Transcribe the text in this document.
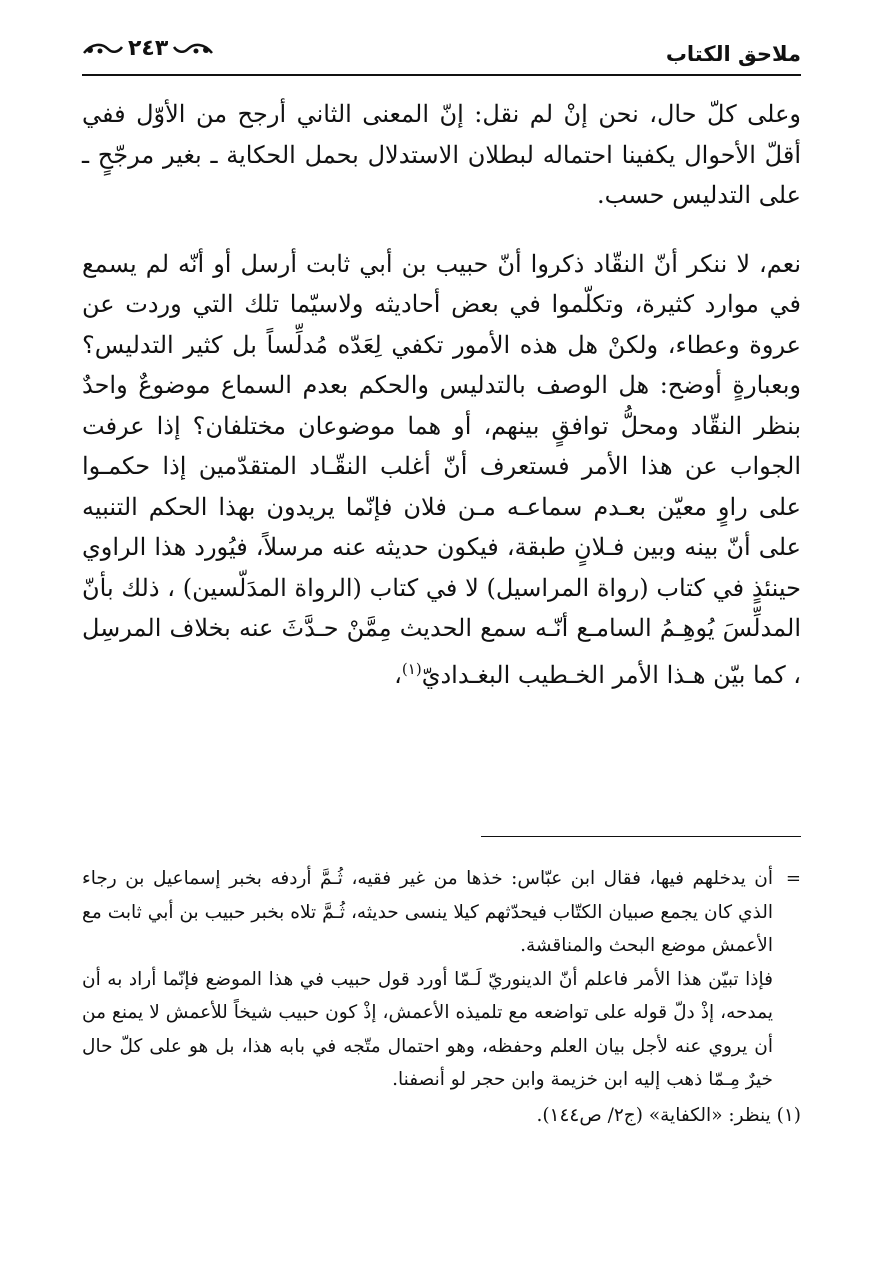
ملاحق الكتاب
٢٤٣

وعلى كلّ حال، نحن إنْ لم نقل: إنّ المعنى الثاني أرجح من الأوّل ففي أقلّ الأحوال يكفينا احتماله لبطلان الاستدلال بحمل الحكاية ـ بغير مرجّحٍ ـ على التدليس حسب.

نعم، لا ننكر أنّ النقّاد ذكروا أنّ حبيب بن أبي ثابت أرسل أو أنّه لم يسمع في موارد كثيرة، وتكلّموا في بعض أحاديثه ولاسيّما تلك التي وردت عن عروة وعطاء، ولكنْ هل هذه الأمور تكفي لِعَدّه مُدلِّساً بل كثير التدليس؟ وبعبارةٍ أوضح: هل الوصف بالتدليس والحكم بعدم السماع موضوعٌ واحدٌ بنظر النقّاد ومحلُّ توافقٍ بينهم، أو هما موضوعان مختلفان؟ إذا عرفت الجواب عن هذا الأمر فستعرف أنّ أغلب النقّـاد المتقدّمين إذا حكمـوا على راوٍ معيّن بعـدم سماعـه مـن فلان فإنّما يريدون بهذا الحكم التنبيه على أنّ بينه وبين فـلانٍ طبقة، فيكون حديثه عنه مرسلاً، فيُورد هذا الراوي حينئذٍ في كتاب (رواة المراسيل) لا في كتاب (الرواة المدَلّسين) ، ذلك بأنّ المدلِّسَ يُوهِـمُ السامـع أنّـه سمع الحديث مِمَّنْ حـدَّثَ عنه بخلاف المرسِل ، كما بيّن هـذا الأمر الخـطيب البغـداديّ$^{(١)}$،

=

أن يدخلهم فيها، فقال ابن عبّاس: خذها من غير فقيه، ثُـمَّ أردفه بخبر إسماعيل بن رجاء الذي كان يجمع صبيان الكتّاب فيحدّثهم كيلا ينسى حديثه، ثُـمَّ تلاه بخبر حبيب بن أبي ثابت مع الأعمش موضع البحث والمناقشة.

فإذا تبيّن هذا الأمر فاعلم أنّ الدينوريّ لَـمّا أورد قول حبيب في هذا الموضع فإنّما أراد به أن يمدحه، إذْ دلّ قوله على تواضعه مع تلميذه الأعمش، إذْ كون حبيب شيخاً للأعمش لا يمنع من أن يروي عنه لأجل بيان العلم وحفظه، وهو احتمال متّجه في بابه هذا، بل هو على كلّ حال خيرٌ مِـمّا ذهب إليه ابن خزيمة وابن حجر لو أنصفنا.

(١) ينظر: «الكفاية» (ج٢/ ص١٤٤).
